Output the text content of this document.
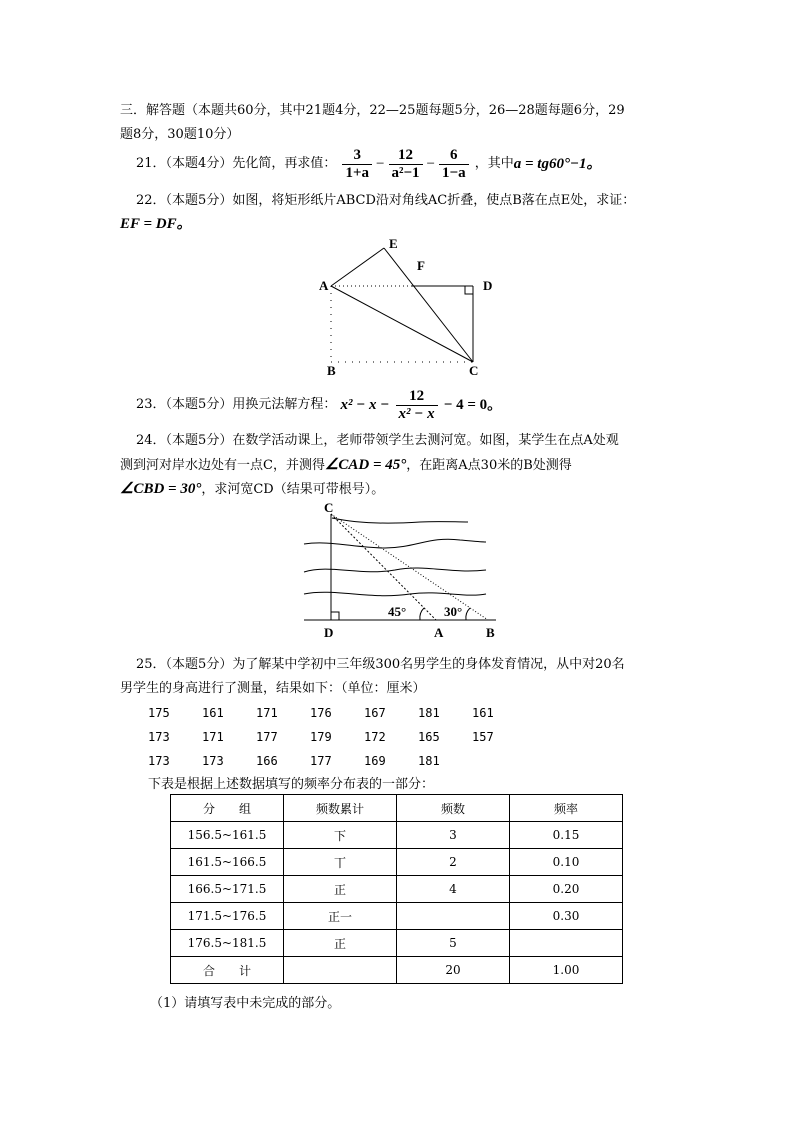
三．解答题（本题共60分，其中21题4分，22—25题每题5分，26—28题每题6分，29
题8分，30题10分）
21．（本题4分）先化简，再求值： $\frac{3}{1+a} - \frac{12}{\text{a²−1}} - \frac{6}{1-a}$ ，其中a = tg60°−1。
22．（本题5分）如图，将矩形纸片ABCD沿对角线AC折叠，使点B落在点E处，求证：
EF = DF。
A
B	C
D
E
F
23．（本题5分）用换元法解方程： $x^2 - x - \frac{12}{\text{x² − x}} - 4 = 0$。
24．（本题5分）在数学活动课上，老师带领学生去测河宽。如图，某学生在点A处观
测到河对岸水边处有一点C，并测得∠CAD = 45°，在距离A点30米的B处测得
∠CBD = 30°，求河宽CD（结果可带根号）。
C
D	A	B
45°	30°
25．（本题5分）为了解某中学初中三年级300名男学生的身体发育情况，从中对20名
男学生的身高进行了测量，结果如下：（单位：厘米）
175	161	171	176	167	181	161
173	171	177	179	172	165	157
173	173	166	177	169	181
下表是根据上述数据填写的频率分布表的一部分：
分　　组	频数累计	频数	频率
156.5~161.5	下	3	0.15
161.5~166.5	丅	2	0.10
166.5~171.5	正	4	0.20
171.5~176.5	正一		0.30
176.5~181.5	正	5	
合　　计		20	1.00
（1）请填写表中未完成的部分。
